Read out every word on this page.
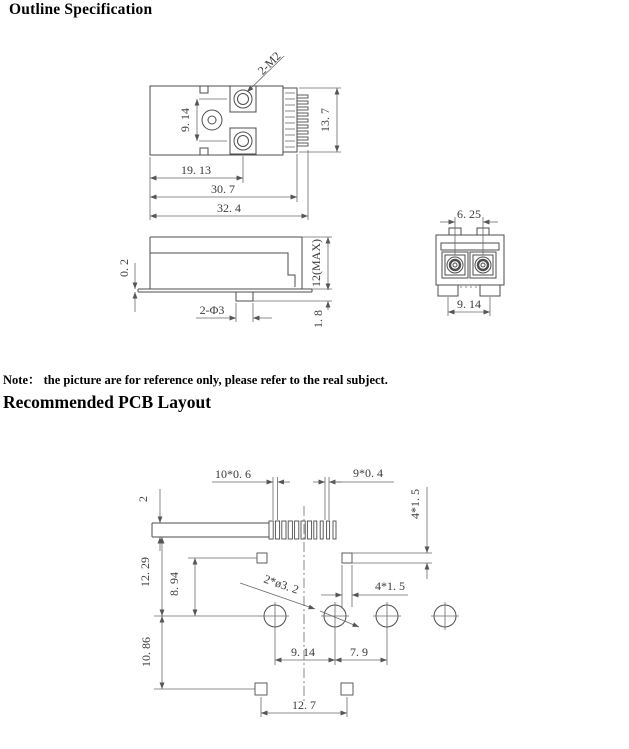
Outline Specification
2-M2
9. 14	13. 7
19. 13
30. 7
32. 4
0. 2	12(MAX)
1. 8
2-Φ3
6. 25
9. 14
Note： the picture are for reference only, please refer to the real subject.
Recommended PCB Layout
2
10*0. 6	9*0. 4
4*1. 5
12. 29 8. 94
10. 86
2*ø3. 2	4*1. 5
9. 14	7. 9
12. 7
